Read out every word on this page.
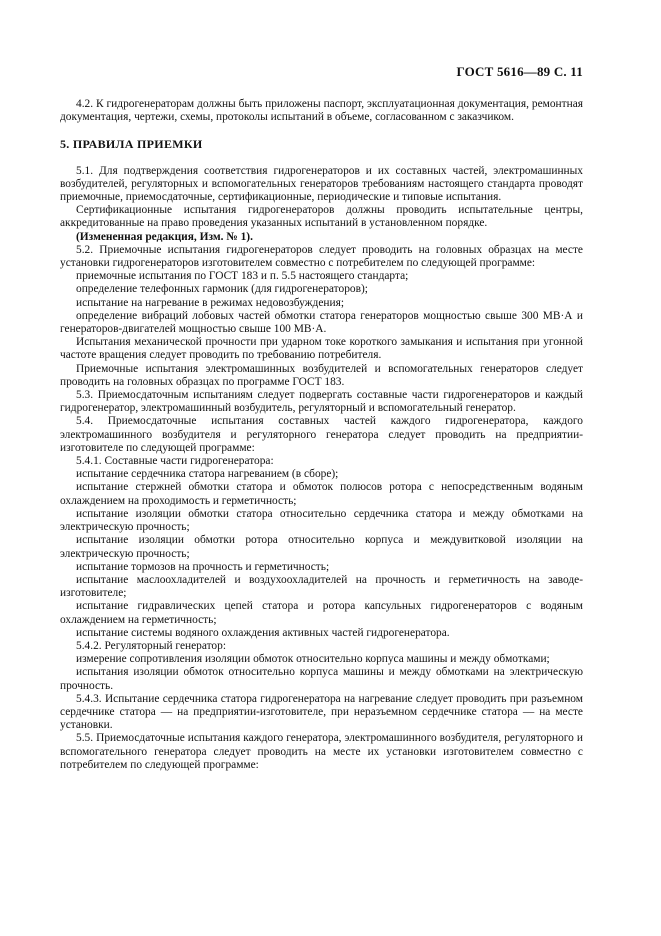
ГОСТ 5616—89 С. 11

4.2. К гидрогенераторам должны быть приложены паспорт, эксплуатационная документация, ремонтная документация, чертежи, схемы, протоколы испытаний в объеме, согласованном с заказчиком.

5. ПРАВИЛА ПРИЕМКИ

5.1. Для подтверждения соответствия гидрогенераторов и их составных частей, электромашинных возбудителей, регуляторных и вспомогательных генераторов требованиям настоящего стандарта проводят приемочные, приемосдаточные, сертификационные, периодические и типовые испытания.

Сертификационные испытания гидрогенераторов должны проводить испытательные центры, аккредитованные на право проведения указанных испытаний в установленном порядке.

(Измененная редакция, Изм. № 1).

5.2. Приемочные испытания гидрогенераторов следует проводить на головных образцах на месте установки гидрогенераторов изготовителем совместно с потребителем по следующей программе:

приемочные испытания по ГОСТ 183 и п. 5.5 настоящего стандарта;

определение телефонных гармоник (для гидрогенераторов);

испытание на нагревание в режимах недовозбуждения;

определение вибраций лобовых частей обмотки статора генераторов мощностью свыше 300 МВ·А и генераторов-двигателей мощностью свыше 100 МВ·А.

Испытания механической прочности при ударном токе короткого замыкания и испытания при угонной частоте вращения следует проводить по требованию потребителя.

Приемочные испытания электромашинных возбудителей и вспомогательных генераторов следует проводить на головных образцах по программе ГОСТ 183.

5.3. Приемосдаточным испытаниям следует подвергать составные части гидрогенераторов и каждый гидрогенератор, электромашинный возбудитель, регуляторный и вспомогательный генератор.

5.4. Приемосдаточные испытания составных частей каждого гидрогенератора, каждого электромашинного возбудителя и регуляторного генератора следует проводить на предприятии-изготовителе по следующей программе:

5.4.1. Составные части гидрогенератора:

испытание сердечника статора нагреванием (в сборе);

испытание стержней обмотки статора и обмоток полюсов ротора с непосредственным водяным охлаждением на проходимость и герметичность;

испытание изоляции обмотки статора относительно сердечника статора и между обмотками на электрическую прочность;

испытание изоляции обмотки ротора относительно корпуса и междувитковой изоляции на электрическую прочность;

испытание тормозов на прочность и герметичность;

испытание маслоохладителей и воздухоохладителей на прочность и герметичность на заводе-изготовителе;

испытание гидравлических цепей статора и ротора капсульных гидрогенераторов с водяным охлаждением на герметичность;

испытание системы водяного охлаждения активных частей гидрогенератора.

5.4.2. Регуляторный генератор:

измерение сопротивления изоляции обмоток относительно корпуса машины и между обмотками;

испытания изоляции обмоток относительно корпуса машины и между обмотками на электрическую прочность.

5.4.3. Испытание сердечника статора гидрогенератора на нагревание следует проводить при разъемном сердечнике статора — на предприятии-изготовителе, при неразъемном сердечнике статора — на месте установки.

5.5. Приемосдаточные испытания каждого генератора, электромашинного возбудителя, регуляторного и вспомогательного генератора следует проводить на месте их установки изготовителем совместно с потребителем по следующей программе:
